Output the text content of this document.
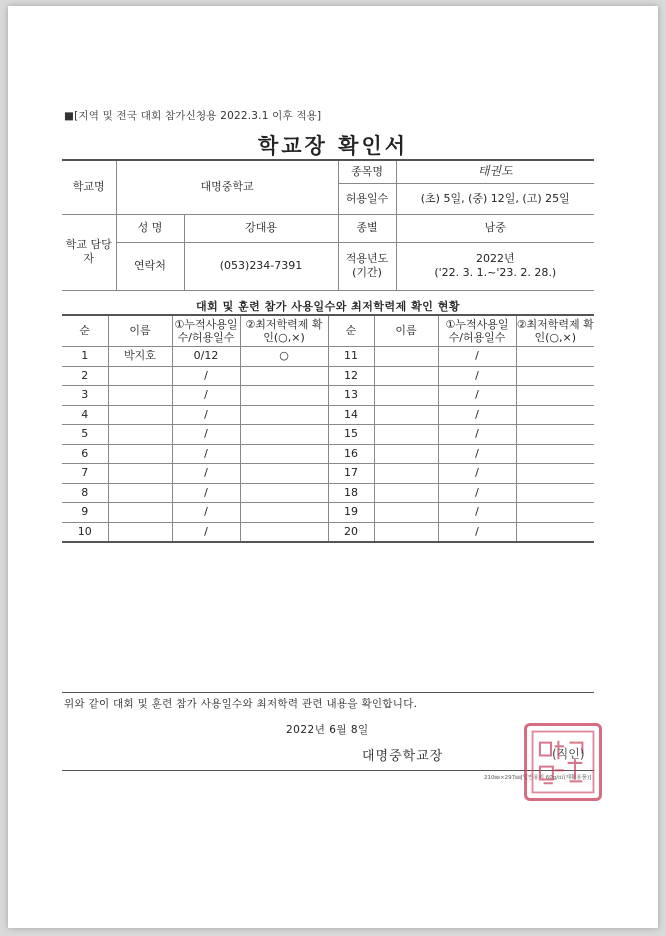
■[지역 및 전국 대회 참가신청용 2022.3.1 이후 적용]
학교장 확인서
학교명	대명중학교		종목명	태권도
			허용일수	(초) 5일, (중) 12일, (고) 25일
학교 담당자	성 명	강대용	종별	남중
	연락처	(053)234-7391	적용년도 (기간)	2022년
('22. 3. 1.~'23. 2. 28.)
대회 및 훈련 참가 사용일수와 최저학력제 확인 현황
순	이름	①누적사용일수/허용일수	②최저학력제 확인(○,×)	순	이름	①누적사용일수/허용일수	②최저학력제 확인(○,×)
1	박지호	0/12	○	11		/	
2		/		12		/	
3		/		13		/	
4		/		14		/	
5		/		15		/	
6		/		16		/	
7		/		17		/	
8		/		18		/	
9		/		19		/	
10		/		20		/	
위와 같이 대회 및 훈련 참가 사용일수와 최저학력 관련 내용을 확인합니다.
2022년 6월 8일
대명중학교장	(직인)
210㎜×297㎜[일반용지 60g/㎡(재활용품)]
